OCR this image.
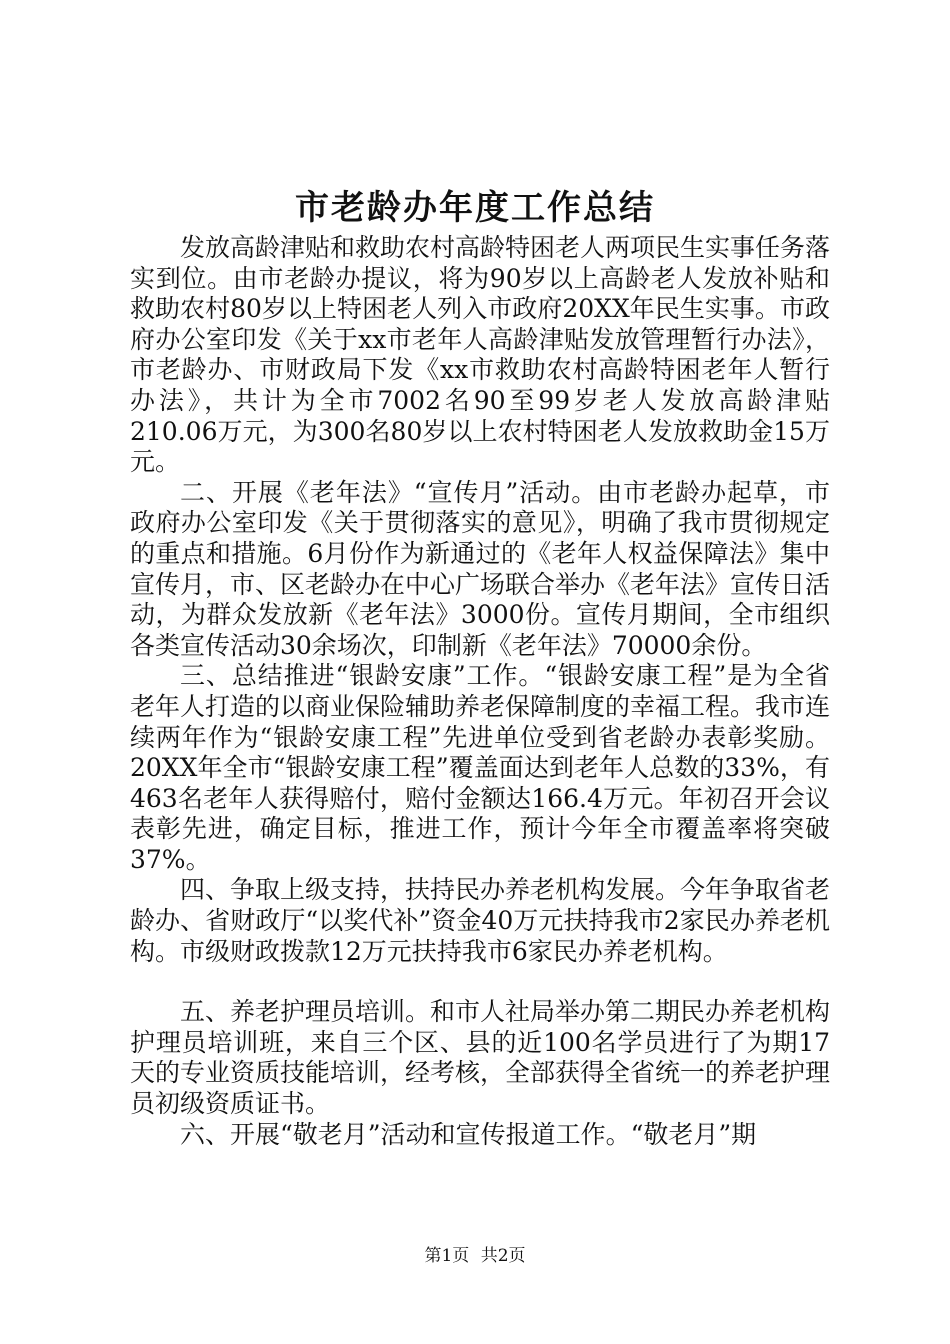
市老龄办年度工作总结

发放高龄津贴和救助农村高龄特困老人两项民生实事任务落实到位。由市老龄办提议，将为90岁以上高龄老人发放补贴和救助农村80岁以上特困老人列入市政府20XX年民生实事。市政府办公室印发《关于xx市老年人高龄津贴发放管理暂行办法》，市老龄办、市财政局下发《xx市救助农村高龄特困老年人暂行办法》，共计为全市7002名90至99岁老人发放高龄津贴210.06万元，为300名80岁以上农村特困老人发放救助金15万元。

二、开展《老年法》“宣传月”活动。由市老龄办起草，市政府办公室印发《关于贯彻落实的意见》，明确了我市贯彻规定的重点和措施。6月份作为新通过的《老年人权益保障法》集中宣传月，市、区老龄办在中心广场联合举办《老年法》宣传日活动，为群众发放新《老年法》3000份。宣传月期间，全市组织各类宣传活动30余场次，印制新《老年法》70000余份。

三、总结推进“银龄安康”工作。“银龄安康工程”是为全省老年人打造的以商业保险辅助养老保障制度的幸福工程。我市连续两年作为“银龄安康工程”先进单位受到省老龄办表彰奖励。20XX年全市“银龄安康工程”覆盖面达到老年人总数的33%，有463名老年人获得赔付，赔付金额达166.4万元。年初召开会议表彰先进，确定目标，推进工作，预计今年全市覆盖率将突破37%。

四、争取上级支持，扶持民办养老机构发展。今年争取省老龄办、省财政厅“以奖代补”资金40万元扶持我市2家民办养老机构。市级财政拨款12万元扶持我市6家民办养老机构。

五、养老护理员培训。和市人社局举办第二期民办养老机构护理员培训班，来自三个区、县的近100名学员进行了为期17天的专业资质技能培训，经考核，全部获得全省统一的养老护理员初级资质证书。

六、开展“敬老月”活动和宣传报道工作。“敬老月”期

第1页 共2页
